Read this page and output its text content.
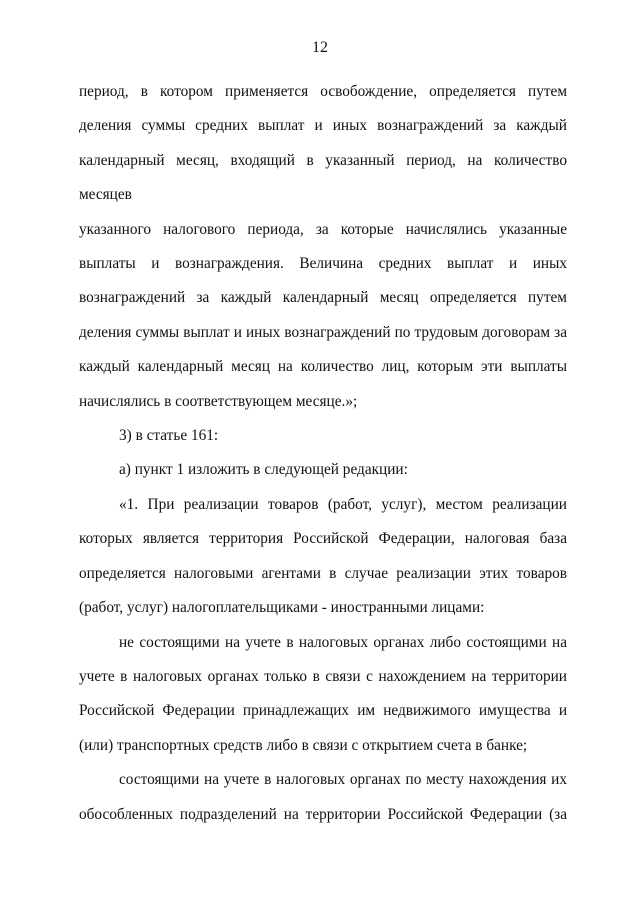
12
период, в котором применяется освобождение, определяется путем
деления суммы средних выплат и иных вознаграждений за каждый
календарный месяц, входящий в указанный период, на количество месяцев
указанного налогового периода, за которые начислялись указанные
выплаты и вознаграждения. Величина средних выплат и иных
вознаграждений за каждый календарный месяц определяется путем
деления суммы выплат и иных вознаграждений по трудовым договорам за
каждый календарный месяц на количество лиц, которым эти выплаты
начислялись в соответствующем месяце.»;
3) в статье 161:
а) пункт 1 изложить в следующей редакции:
«1. При реализации товаров (работ, услуг), местом реализации
которых является территория Российской Федерации, налоговая база
определяется налоговыми агентами в случае реализации этих товаров
(работ, услуг) налогоплательщиками - иностранными лицами:
не состоящими на учете в налоговых органах либо состоящими на
учете в налоговых органах только в связи с нахождением на территории
Российской Федерации принадлежащих им недвижимого имущества и
(или) транспортных средств либо в связи с открытием счета в банке;
состоящими на учете в налоговых органах по месту нахождения их
обособленных подразделений на территории Российской Федерации (за
